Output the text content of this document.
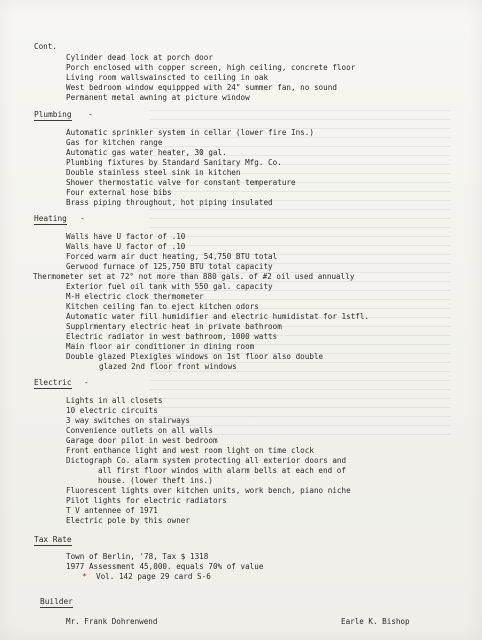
Cont.
Cylinder dead lock at porch door
Porch enclosed with copper screen, high ceiling, concrete floor
Living room wallswainscted to ceiling in oak
West bedroom window equippped with 24" summer fan, no sound
Permanent metal awning at picture window
Plumbing -
Automatic sprinkler system in cellar (lower fire Ins.)
Gas for kitchen range
Automatic gas water heater, 30 gal.
Plumbing fixtures by Standard Sanitary Mfg. Co.
Double stainless steel sink in kitchen
Shower thermostatic valve for constant temperature
Four external hose bibs
Brass piping throughout, hot piping insulated
Heating -
Walls have U factor of .10
Walls have U factor of .10
Forced warm air duct heating, 54,750 BTU total
Gerwood furnace of 125,750 BTU total capacity
Thermometer set at 72° not more than 880 gals. of #2 oil used annually
Exterior fuel oil tank with 550 gal. capacity
M-H electric clock thermometer
Kitchen ceiling fan to eject kitchen odors
Automatic water fill humidifier and electric humidistat for 1stfl.
Supplrmentary electric heat in private bathroom
Electric radiator in west bathroom, 1000 watts
Main floor air conditioner in dining room
Double glazed Plexigles windows on 1st floor also double
glazed 2nd floor front windows
Electric -
Lights in all closets
10 electric circuits
3 way switches on stairways
Convenience outlets on all walls
Garage door pilot in west bedroom
Front enthance light and west room light on time clock
Dictograph Co. alarm system protecting all exterior doors and
all first floor windos with alarm bells at each end of
house. (lower theft ins.)
Fluorescent lights over kitchen units, work bench, piano niche
Pilot lights for electric radiators
T V antennee of 1971
Electric pole by this owner
Tax Rate
Town of Berlin, '78, Tax $ 1318
1977 Assessment 45,000. equals 70% of value
* Vol. 142 page 29 card S-6
Builder
Mr. Frank Dohrenwend	Earle K. Bishop
